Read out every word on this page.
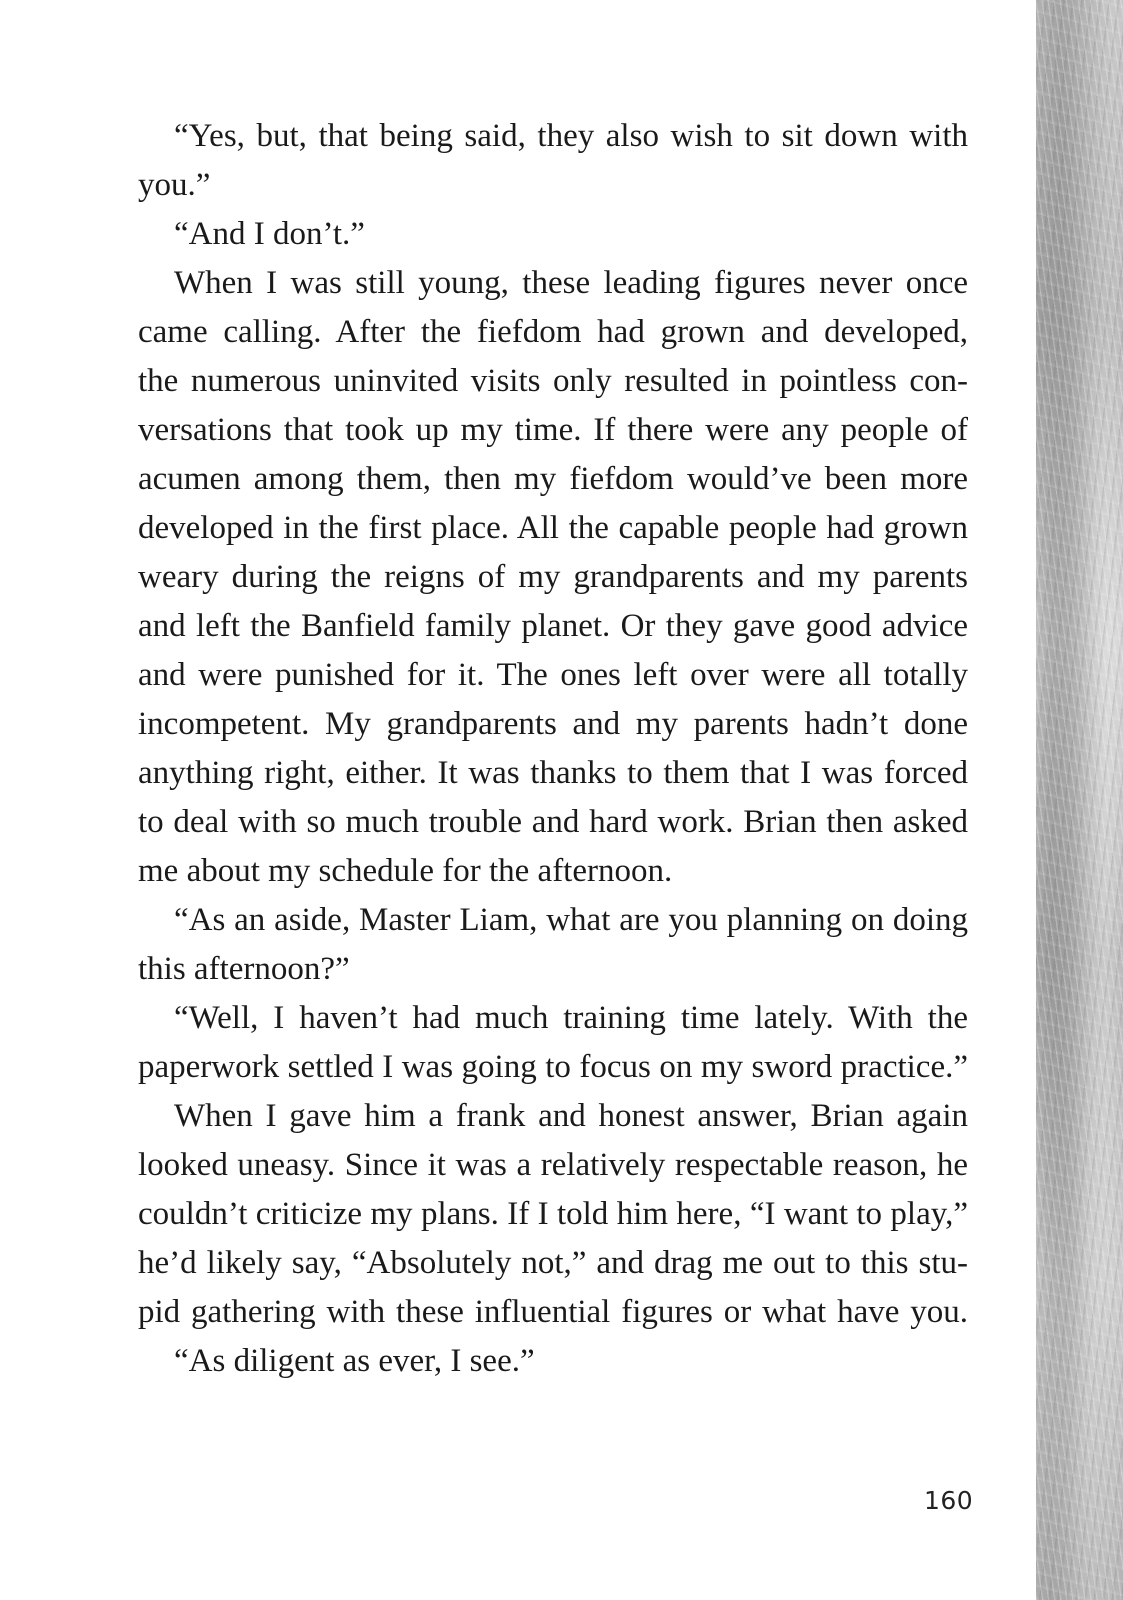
“Yes, but, that being said, they also wish to sit down with
you.”
“And I don’t.”
When I was still young, these leading figures never once
came calling. After the fiefdom had grown and developed,
the numerous uninvited visits only resulted in pointless con-
versations that took up my time. If there were any people of
acumen among them, then my fiefdom would’ve been more
developed in the first place. All the capable people had grown
weary during the reigns of my grandparents and my parents
and left the Banfield family planet. Or they gave good advice
and were punished for it. The ones left over were all totally
incompetent. My grandparents and my parents hadn’t done
anything right, either. It was thanks to them that I was forced
to deal with so much trouble and hard work. Brian then asked
me about my schedule for the afternoon.
“As an aside, Master Liam, what are you planning on doing
this afternoon?”
“Well, I haven’t had much training time lately. With the
paperwork settled I was going to focus on my sword practice.”
When I gave him a frank and honest answer, Brian again
looked uneasy. Since it was a relatively respectable reason, he
couldn’t criticize my plans. If I told him here, “I want to play,”
he’d likely say, “Absolutely not,” and drag me out to this stu-
pid gathering with these influential figures or what have you.
“As diligent as ever, I see.”
160
